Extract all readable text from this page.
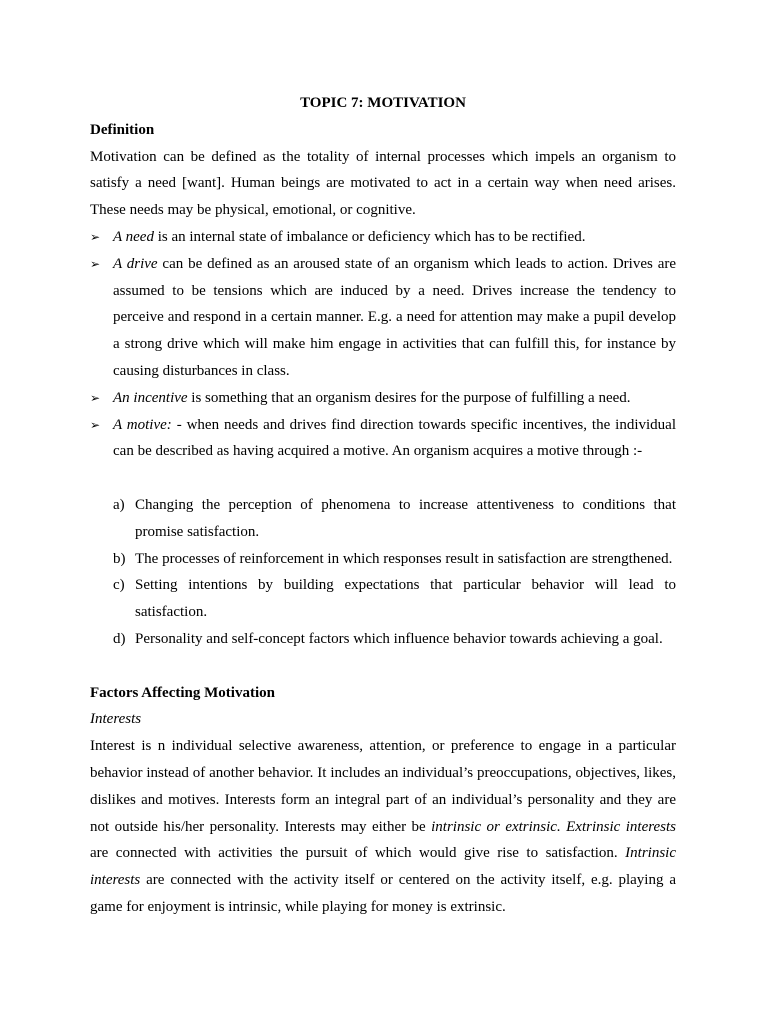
TOPIC 7: MOTIVATION

Definition

Motivation can be defined as the totality of internal processes which impels an organism to satisfy a need [want]. Human beings are motivated to act in a certain way when need arises. These needs may be physical, emotional, or cognitive.

➢ A need is an internal state of imbalance or deficiency which has to be rectified.
➢ A drive can be defined as an aroused state of an organism which leads to action. Drives are assumed to be tensions which are induced by a need. Drives increase the tendency to perceive and respond in a certain manner. E.g. a need for attention may make a pupil develop a strong drive which will make him engage in activities that can fulfill this, for instance by causing disturbances in class.
➢ An incentive is something that an organism desires for the purpose of fulfilling a need.
➢ A motive: - when needs and drives find direction towards specific incentives, the individual can be described as having acquired a motive. An organism acquires a motive through :-
a) Changing the perception of phenomena to increase attentiveness to conditions that promise satisfaction.
b) The processes of reinforcement in which responses result in satisfaction are strengthened.
c) Setting intentions by building expectations that particular behavior will lead to satisfaction.
d) Personality and self-concept factors which influence behavior towards achieving a goal.

Factors Affecting Motivation

Interests

Interest is n individual selective awareness, attention, or preference to engage in a particular behavior instead of another behavior. It includes an individual’s preoccupations, objectives, likes, dislikes and motives. Interests form an integral part of an individual’s personality and they are not outside his/her personality. Interests may either be intrinsic or extrinsic. Extrinsic interests are connected with activities the pursuit of which would give rise to satisfaction. Intrinsic interests are connected with the activity itself or centered on the activity itself, e.g. playing a game for enjoyment is intrinsic, while playing for money is extrinsic.
